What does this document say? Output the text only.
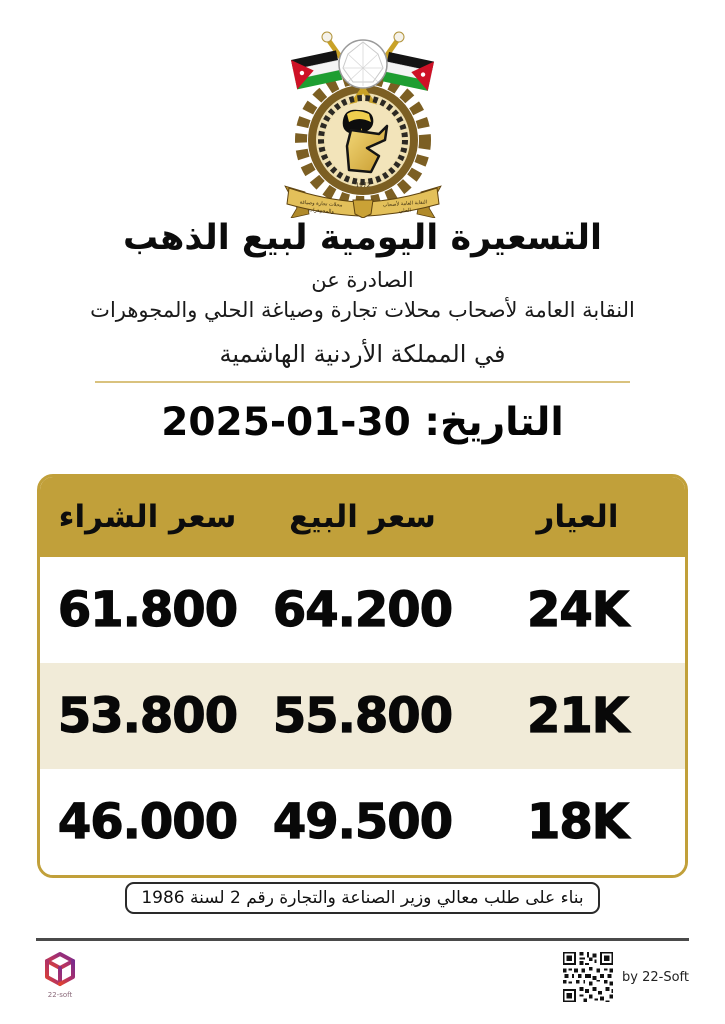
1972
محلات تجارة وصياغة
والمجوهرات
النقابة العامة لأصحاب
الحلي
التسعيرة اليومية لبيع الذهب
الصادرة عن
النقابة العامة لأصحاب محلات تجارة وصياغة الحلي والمجوهرات
في المملكة الأردنية الهاشمية
التاريخ: 30-01-2025
العيار
سعر البيع
سعر الشراء
24K
64.200
61.800
21K
55.800
53.800
18K
49.500
46.000
بناء على طلب معالي وزير الصناعة والتجارة رقم 2 لسنة 1986
22-soft
by 22-Soft
